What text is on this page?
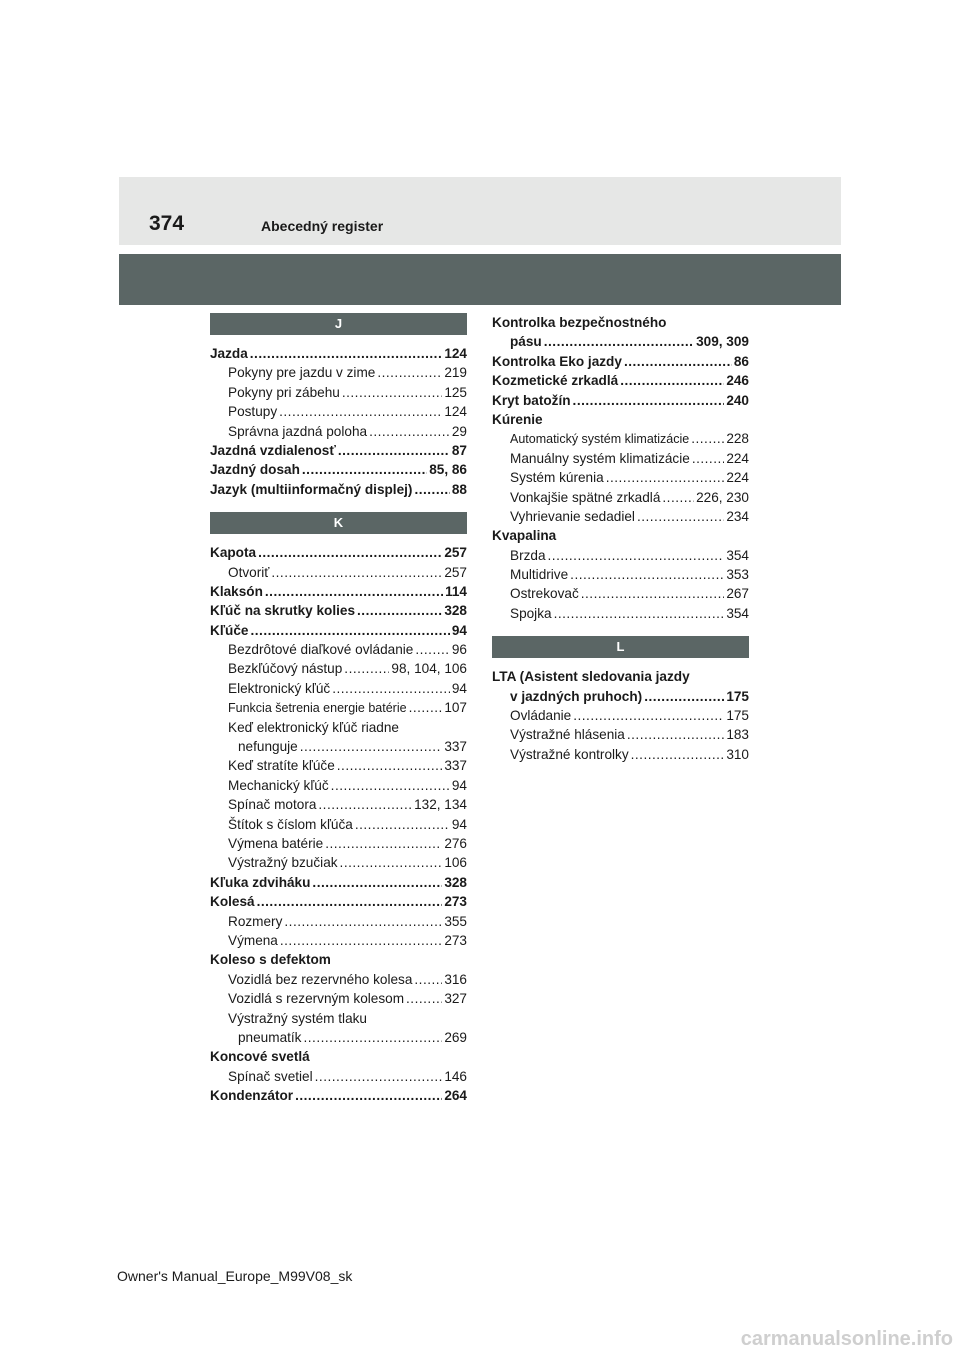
374	Abecedný register
J
Jazda .....	124
Pokyny pre jazdu v zime .....	219
Pokyny pri zábehu .....	125
Postupy .....	124
Správna jazdná poloha .....	29
Jazdná vzdialenosť .....	87
Jazdný dosah .....	85, 86
Jazyk (multiinformačný displej) .....	88
K
Kapota .....	257
Otvoriť .....	257
Klaksón .....	114
Kľúč na skrutky kolies .....	328
Kľúče .....	94
Bezdrôtové diaľkové ovládanie .....	96
Bezkľúčový nástup .....	98, 104, 106
Elektronický kľúč .....	94
Funkcia šetrenia energie batérie .....	107
Keď elektronický kľúč riadne
nefunguje .....	337
Keď stratíte kľúče .....	337
Mechanický kľúč .....	94
Spínač motora .....	132, 134
Štítok s číslom kľúča .....	94
Výmena batérie .....	276
Výstražný bzučiak .....	106
Kľuka zdviháku .....	328
Kolesá .....	273
Rozmery .....	355
Výmena .....	273
Koleso s defektom
Vozidlá bez rezervného kolesa ..... 316
Vozidlá s rezervným kolesom .....	327
Výstražný systém tlaku
pneumatík .....	269
Koncové svetlá
Spínač svetiel .....	146
Kondenzátor .....	264
Kontrolka bezpečnostného
pásu .....	309, 309
Kontrolka Eko jazdy .....	86
Kozmetické zrkadlá .....	246
Kryt batožín .....	240
Kúrenie
Automatický systém klimatizácie .....	228
Manuálny systém klimatizácie .....	224
Systém kúrenia .....	224
Vonkajšie spätné zrkadlá .....	226, 230
Vyhrievanie sedadiel .....	234
Kvapalina
Brzda .....	354
Multidrive .....	353
Ostrekovač .....	267
Spojka .....	354
L
LTA (Asistent sledovania jazdy
v jazdných pruhoch) .....	175
Ovládanie .....	175
Výstražné hlásenia .....	183
Výstražné kontrolky .....	310
Owner's Manual_Europe_M99V08_sk
carmanualsonline.info
